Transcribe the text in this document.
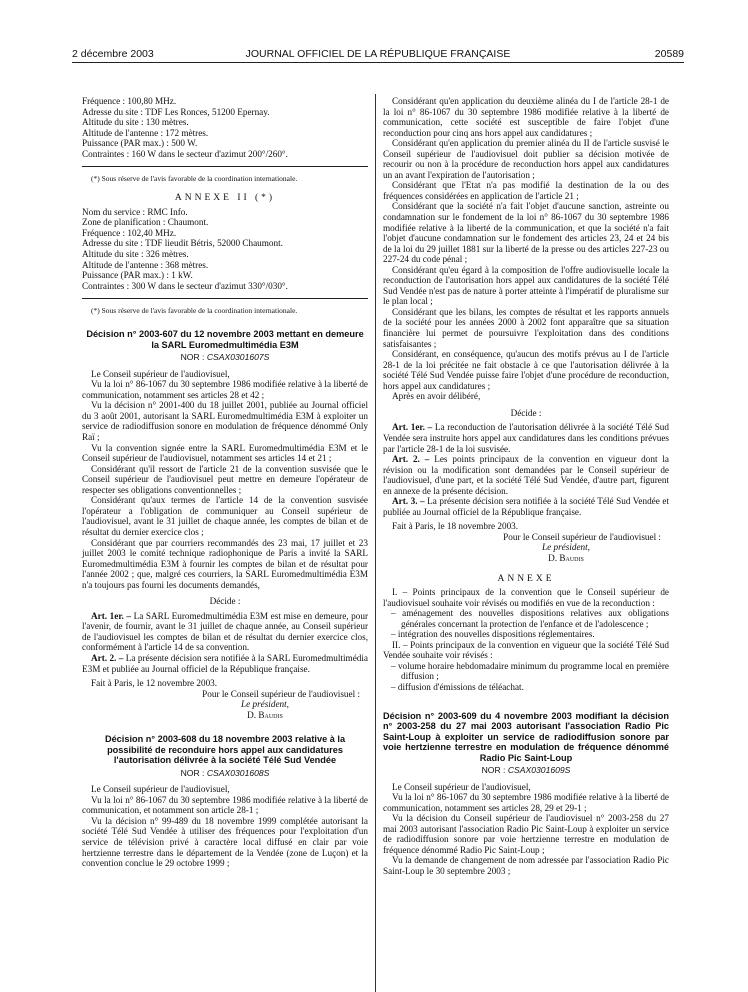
2 décembre 2003	JOURNAL OFFICIEL DE LA RÉPUBLIQUE FRANÇAISE	20589

Fréquence : 100,80 MHz.

Adresse du site : TDF Les Ronces, 51200 Epernay.

Altitude du site : 130 mètres.

Altitude de l'antenne : 172 mètres.

Puissance (PAR max.) : 500 W.

Contraintes : 160 W dans le secteur d'azimut 200°/260°.

(*) Sous réserve de l'avis favorable de la coordination internationale.

ANNEXE II (*)

Nom du service : RMC Info.

Zone de planification : Chaumont.

Fréquence : 102,40 MHz.

Adresse du site : TDF lieudit Bétris, 52000 Chaumont.

Altitude du site : 326 mètres.

Altitude de l'antenne : 368 mètres.

Puissance (PAR max.) : 1 kW.

Contraintes : 300 W dans le secteur d'azimut 330°/030°.

(*) Sous réserve de l'avis favorable de la coordination internationale.

Décision n° 2003-607 du 12 novembre 2003 mettant en demeure la SARL Euromedmultimédia E3M

NOR : CSAX0301607S

Le Conseil supérieur de l'audiovisuel,

Vu la loi n° 86-1067 du 30 septembre 1986 modifiée relative à la liberté de communication, notamment ses articles 28 et 42 ;

Vu la décision n° 2001-400 du 18 juillet 2001, publiée au Journal officiel du 3 août 2001, autorisant la SARL Euromedmultimédia E3M à exploiter un service de radiodiffusion sonore en modulation de fréquence dénommé Only Raï ;

Vu la convention signée entre la SARL Euromedmultimédia E3M et le Conseil supérieur de l'audiovisuel, notamment ses articles 14 et 21 ;

Considérant qu'il ressort de l'article 21 de la convention susvisée que le Conseil supérieur de l'audiovisuel peut mettre en demeure l'opérateur de respecter ses obligations conventionnelles ;

Considérant qu'aux termes de l'article 14 de la convention susvisée l'opérateur a l'obligation de communiquer au Conseil supérieur de l'audiovisuel, avant le 31 juillet de chaque année, les comptes de bilan et de résultat du dernier exercice clos ;

Considérant que par courriers recommandés des 23 mai, 17 juillet et 23 juillet 2003 le comité technique radiophonique de Paris a invité la SARL Euromedmultimédia E3M à fournir les comptes de bilan et de résultat pour l'année 2002 ; que, malgré ces courriers, la SARL Euromedmultimédia E3M n'a toujours pas fourni les documents demandés,

Décide :

Art. 1er. – La SARL Euromedmultimédia E3M est mise en demeure, pour l'avenir, de fournir, avant le 31 juillet de chaque année, au Conseil supérieur de l'audiovisuel les comptes de bilan et de résultat du dernier exercice clos, conformément à l'article 14 de sa convention.

Art. 2. – La présente décision sera notifiée à la SARL Euromedmultimédia E3M et publiée au Journal officiel de la République française.

Fait à Paris, le 12 novembre 2003.

Pour le Conseil supérieur de l'audiovisuel :

Le président,

D. Baudis

Décision n° 2003-608 du 18 novembre 2003 relative à la possibilité de reconduire hors appel aux candidatures l'autorisation délivrée à la société Télé Sud Vendée

NOR : CSAX0301608S

Le Conseil supérieur de l'audiovisuel,

Vu la loi n° 86-1067 du 30 septembre 1986 modifiée relative à la liberté de communication, et notamment son article 28-1 ;

Vu la décision n° 99-489 du 18 novembre 1999 complétée autorisant la société Télé Sud Vendée à utiliser des fréquences pour l'exploitation d'un service de télévision privé à caractère local diffusé en clair par voie hertzienne terrestre dans le département de la Vendée (zone de Luçon) et la convention conclue le 29 octobre 1999 ;

Considérant qu'en application du deuxième alinéa du I de l'article 28-1 de la loi n° 86-1067 du 30 septembre 1986 modifiée relative à la liberté de communication, cette société est susceptible de faire l'objet d'une reconduction pour cinq ans hors appel aux candidatures ;

Considérant qu'en application du premier alinéa du II de l'article susvisé le Conseil supérieur de l'audiovisuel doit publier sa décision motivée de recourir ou non à la procédure de reconduction hors appel aux candidatures un an avant l'expiration de l'autorisation ;

Considérant que l'Etat n'a pas modifié la destination de la ou des fréquences considérées en application de l'article 21 ;

Considérant que la société n'a fait l'objet d'aucune sanction, astreinte ou condamnation sur le fondement de la loi n° 86-1067 du 30 septembre 1986 modifiée relative à la liberté de la communication, et que la société n'a fait l'objet d'aucune condamnation sur le fondement des articles 23, 24 et 24 bis de la loi du 29 juillet 1881 sur la liberté de la presse ou des articles 227-23 ou 227-24 du code pénal ;

Considérant qu'eu égard à la composition de l'offre audiovisuelle locale la reconduction de l'autorisation hors appel aux candidatures de la société Télé Sud Vendée n'est pas de nature à porter atteinte à l'impératif de pluralisme sur le plan local ;

Considérant que les bilans, les comptes de résultat et les rapports annuels de la société pour les années 2000 à 2002 font apparaître que sa situation financière lui permet de poursuivre l'exploitation dans des conditions satisfaisantes ;

Considérant, en conséquence, qu'aucun des motifs prévus au I de l'article 28-1 de la loi précitée ne fait obstacle à ce que l'autorisation délivrée à la société Télé Sud Vendée puisse faire l'objet d'une procédure de reconduction, hors appel aux candidatures ;

Après en avoir délibéré,

Décide :

Art. 1er. – La reconduction de l'autorisation délivrée à la société Télé Sud Vendée sera instruite hors appel aux candidatures dans les conditions prévues par l'article 28-1 de la loi susvisée.

Art. 2. – Les points principaux de la convention en vigueur dont la révision ou la modification sont demandées par le Conseil supérieur de l'audiovisuel, d'une part, et la société Télé Sud Vendée, d'autre part, figurent en annexe de la présente décision.

Art. 3. – La présente décision sera notifiée à la société Télé Sud Vendée et publiée au Journal officiel de la République française.

Fait à Paris, le 18 novembre 2003.

Pour le Conseil supérieur de l'audiovisuel :

Le président,

D. Baudis

ANNEXE

I. – Points principaux de la convention que le Conseil supérieur de l'audiovisuel souhaite voir révisés ou modifiés en vue de la reconduction :

– aménagement des nouvelles dispositions relatives aux obligations générales concernant la protection de l'enfance et de l'adolescence ;

– intégration des nouvelles dispositions réglementaires.

II. – Points principaux de la convention en vigueur que la société Télé Sud Vendée souhaite voir révisés :

– volume horaire hebdomadaire minimum du programme local en première diffusion ;

– diffusion d'émissions de téléachat.

Décision n° 2003-609 du 4 novembre 2003 modifiant la décision n° 2003-258 du 27 mai 2003 autorisant l'association Radio Pic Saint-Loup à exploiter un service de radiodiffusion sonore par voie hertzienne terrestre en modulation de fréquence dénommé Radio Pic Saint-Loup

NOR : CSAX0301609S

Le Conseil supérieur de l'audiovisuel,

Vu la loi n° 86-1067 du 30 septembre 1986 modifiée relative à la liberté de communication, notamment ses articles 28, 29 et 29-1 ;

Vu la décision du Conseil supérieur de l'audiovisuel n° 2003-258 du 27 mai 2003 autorisant l'association Radio Pic Saint-Loup à exploiter un service de radiodiffusion sonore par voie hertzienne terrestre en modulation de fréquence dénommé Radio Pic Saint-Loup ;

Vu la demande de changement de nom adressée par l'association Radio Pic Saint-Loup le 30 septembre 2003 ;
